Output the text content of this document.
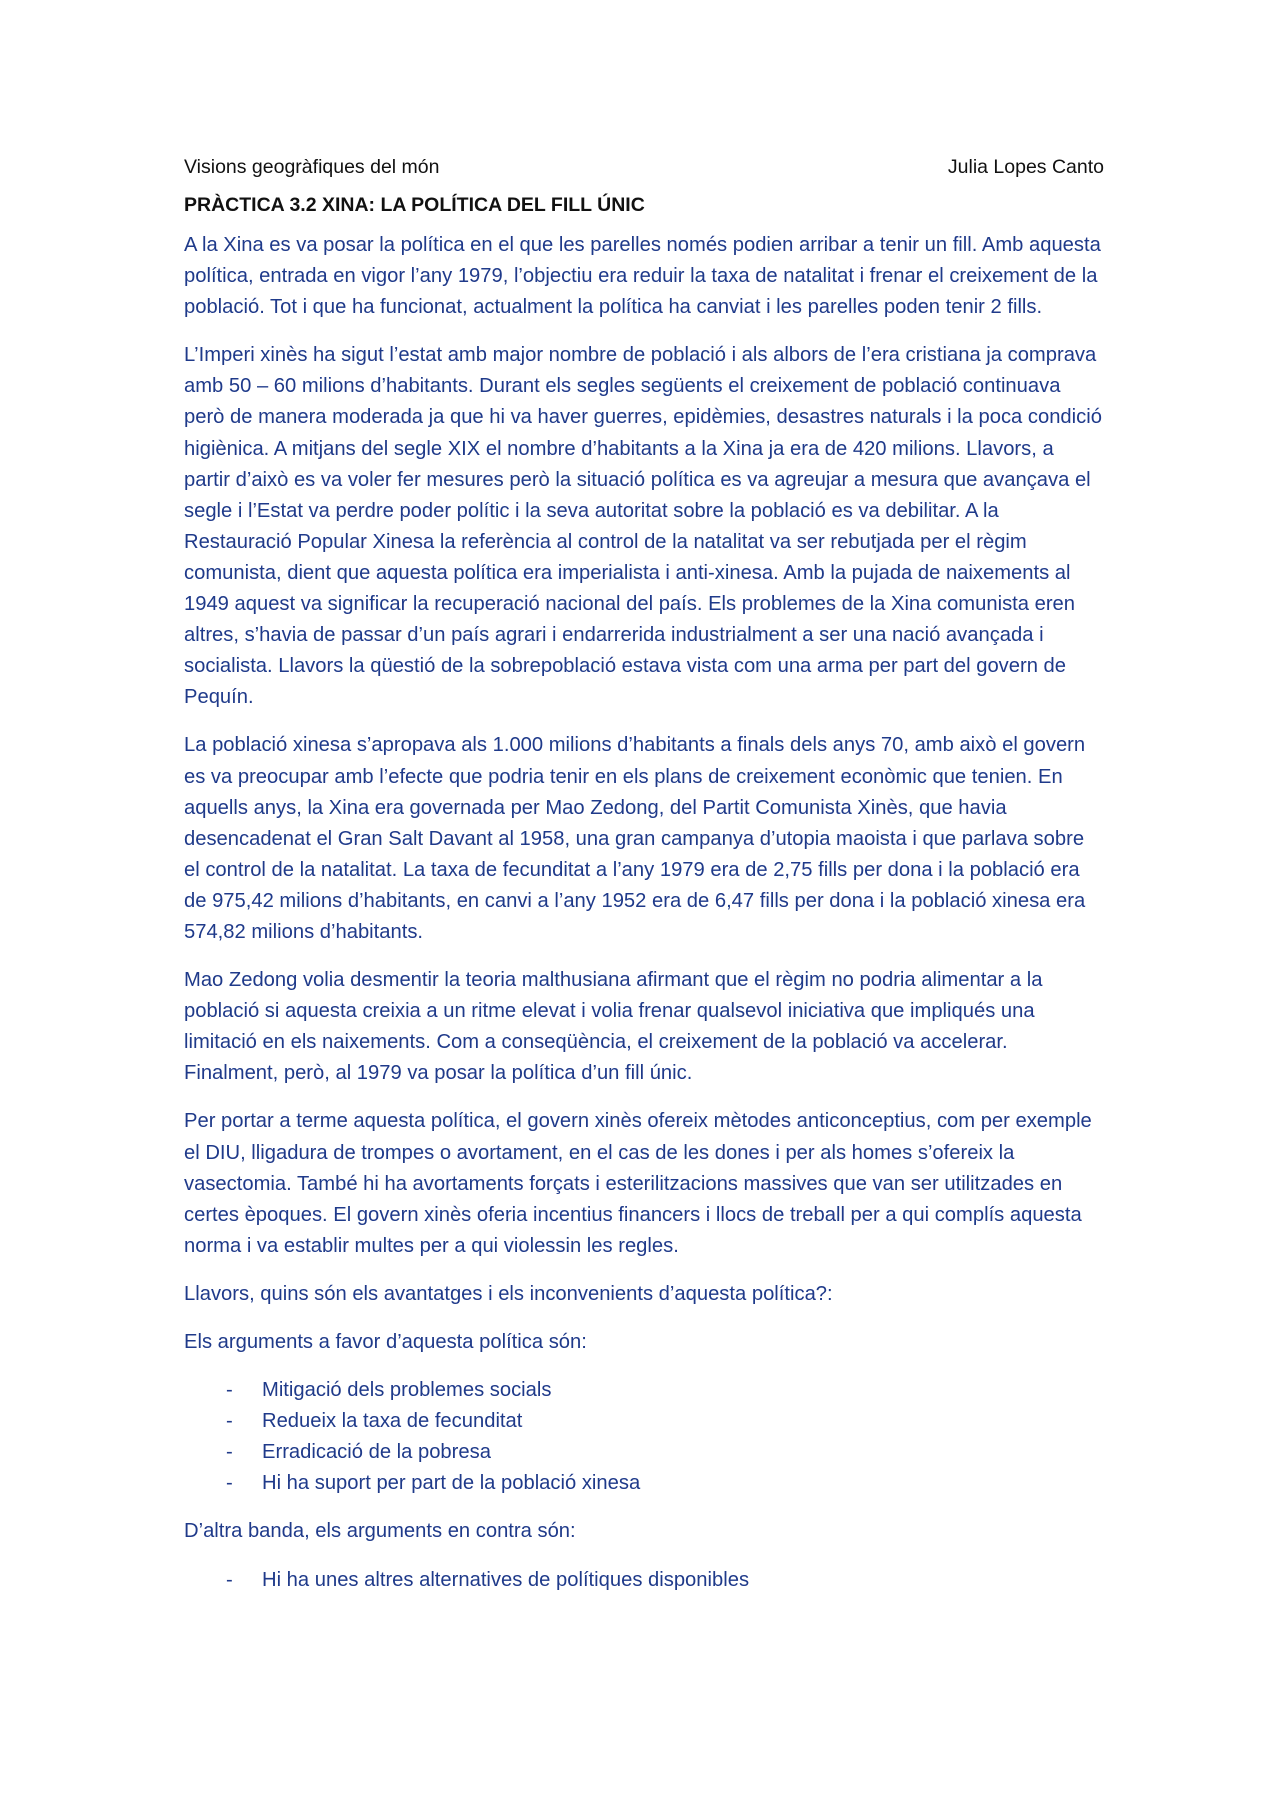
Visions geogràfiques del món	Julia Lopes Canto
PRÀCTICA 3.2 XINA: LA POLÍTICA DEL FILL ÚNIC

A la Xina es va posar la política en el que les parelles només podien arribar a tenir un fill. Amb aquesta política, entrada en vigor l’any 1979, l’objectiu era reduir la taxa de natalitat i frenar el creixement de la població. Tot i que ha funcionat, actualment la política ha canviat i les parelles poden tenir 2 fills.

L’Imperi xinès ha sigut l’estat amb major nombre de població i als albors de l’era cristiana ja comprava amb 50 – 60 milions d’habitants. Durant els segles següents el creixement de població continuava però de manera moderada ja que hi va haver guerres, epidèmies, desastres naturals i la poca condició higiènica. A mitjans del segle XIX el nombre d’habitants a la Xina ja era de 420 milions. Llavors, a partir d’això es va voler fer mesures però la situació política es va agreujar a mesura que avançava el segle i l’Estat va perdre poder polític i la seva autoritat sobre la població es va debilitar. A la Restauració Popular Xinesa la referència al control de la natalitat va ser rebutjada per el règim comunista, dient que aquesta política era imperialista i anti-xinesa. Amb la pujada de naixements al 1949 aquest va significar la recuperació nacional del país. Els problemes de la Xina comunista eren altres, s’havia de passar d’un país agrari i endarrerida industrialment a ser una nació avançada i socialista. Llavors la qüestió de la sobrepoblació estava vista com una arma per part del govern de Pequín.

La població xinesa s’apropava als 1.000 milions d’habitants a finals dels anys 70, amb això el govern es va preocupar amb l’efecte que podria tenir en els plans de creixement econòmic que tenien. En aquells anys, la Xina era governada per Mao Zedong, del Partit Comunista Xinès, que havia desencadenat el Gran Salt Davant al 1958, una gran campanya d’utopia maoista i que parlava sobre el control de la natalitat. La taxa de fecunditat a l’any 1979 era de 2,75 fills per dona i la població era de 975,42 milions d’habitants, en canvi a l’any 1952 era de 6,47 fills per dona i la població xinesa era 574,82 milions d’habitants.

Mao Zedong volia desmentir la teoria malthusiana afirmant que el règim no podria alimentar a la població si aquesta creixia a un ritme elevat i volia frenar qualsevol iniciativa que impliqués una limitació en els naixements. Com a conseqüència, el creixement de la població va accelerar. Finalment, però, al 1979 va posar la política d’un fill únic.

Per portar a terme aquesta política, el govern xinès ofereix mètodes anticonceptius, com per exemple el DIU, lligadura de trompes o avortament, en el cas de les dones i per als homes s’ofereix la vasectomia. També hi ha avortaments forçats i esterilitzacions massives que van ser utilitzades en certes èpoques. El govern xinès oferia incentius financers i llocs de treball per a qui complís aquesta norma i va establir multes per a qui violessin les regles.

Llavors, quins són els avantatges i els inconvenients d’aquesta política?:

Els arguments a favor d’aquesta política són:

- Mitigació dels problemes socials
- Redueix la taxa de fecunditat
- Erradicació de la pobresa
- Hi ha suport per part de la població xinesa

D’altra banda, els arguments en contra són:

- Hi ha unes altres alternatives de polítiques disponibles
